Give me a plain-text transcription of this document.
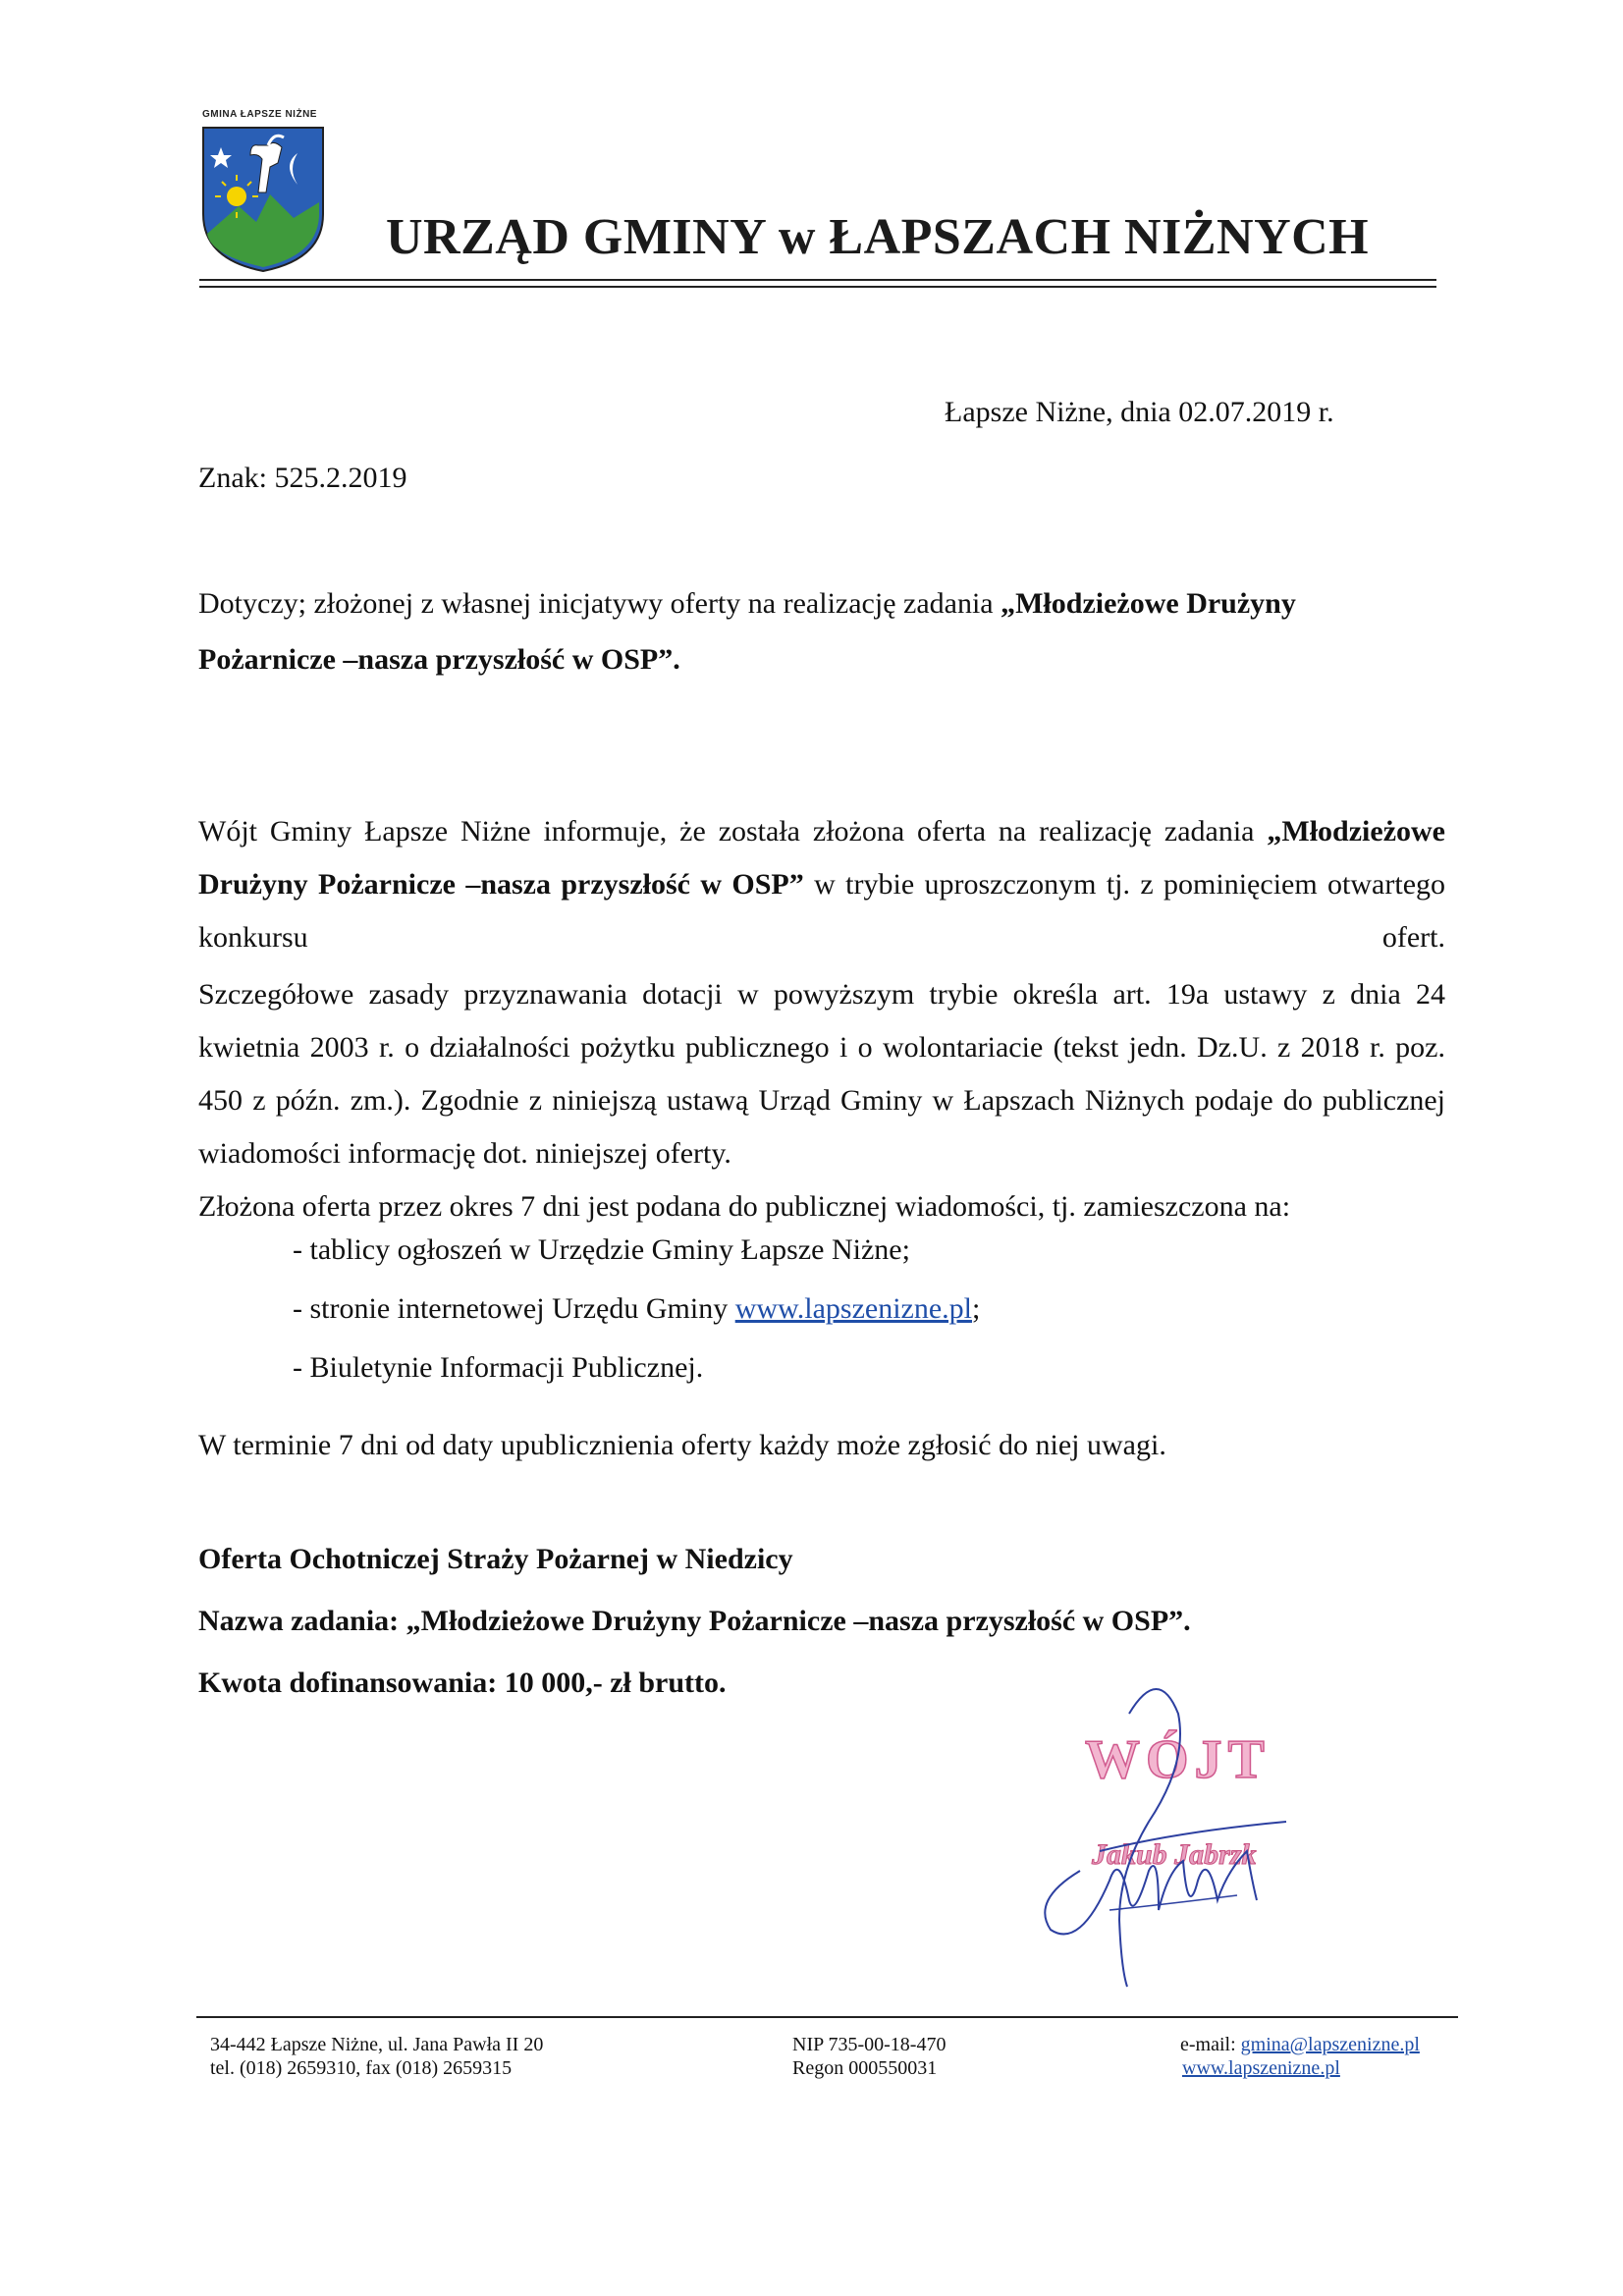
GMINA ŁAPSZE NIŻNE
URZĄD GMINY w ŁAPSZACH NIŻNYCH
Łapsze Niżne, dnia 02.07.2019 r.
Znak: 525.2.2019
Dotyczy; złożonej z własnej inicjatywy oferty na realizację zadania „Młodzieżowe Drużyny Pożarnicze –nasza przyszłość w OSP”.
Wójt Gminy Łapsze Niżne informuje, że została złożona oferta na realizację zadania „Młodzieżowe Drużyny Pożarnicze –nasza przyszłość w OSP” w trybie uproszczonym tj. z pominięciem otwartego konkursu ofert.
Szczegółowe zasady przyznawania dotacji w powyższym trybie określa art. 19a ustawy z dnia 24 kwietnia 2003 r. o działalności pożytku publicznego i o wolontariacie (tekst jedn. Dz.U. z 2018 r. poz. 450 z późn. zm.). Zgodnie z niniejszą ustawą Urząd Gminy w Łapszach Niżnych podaje do publicznej wiadomości informację dot. niniejszej oferty.
Złożona oferta przez okres 7 dni jest podana do publicznej wiadomości, tj. zamieszczona na:
- tablicy ogłoszeń w Urzędzie Gminy Łapsze Niżne;
- stronie internetowej Urzędu Gminy www.lapszenizne.pl;
- Biuletynie Informacji Publicznej.
W terminie 7 dni od daty upublicznienia oferty każdy może zgłosić do niej uwagi.
Oferta Ochotniczej Straży Pożarnej w Niedzicy
Nazwa zadania: „Młodzieżowe Drużyny Pożarnicze –nasza przyszłość w OSP”.
Kwota dofinansowania: 10 000,- zł brutto.
WÓJT
Jakub Jabrzk
34-442 Łapsze Niżne, ul. Jana Pawła II 20
tel. (018) 2659310, fax (018) 2659315
NIP 735-00-18-470
Regon 000550031
e-mail: gmina@lapszenizne.pl
www.lapszenizne.pl
